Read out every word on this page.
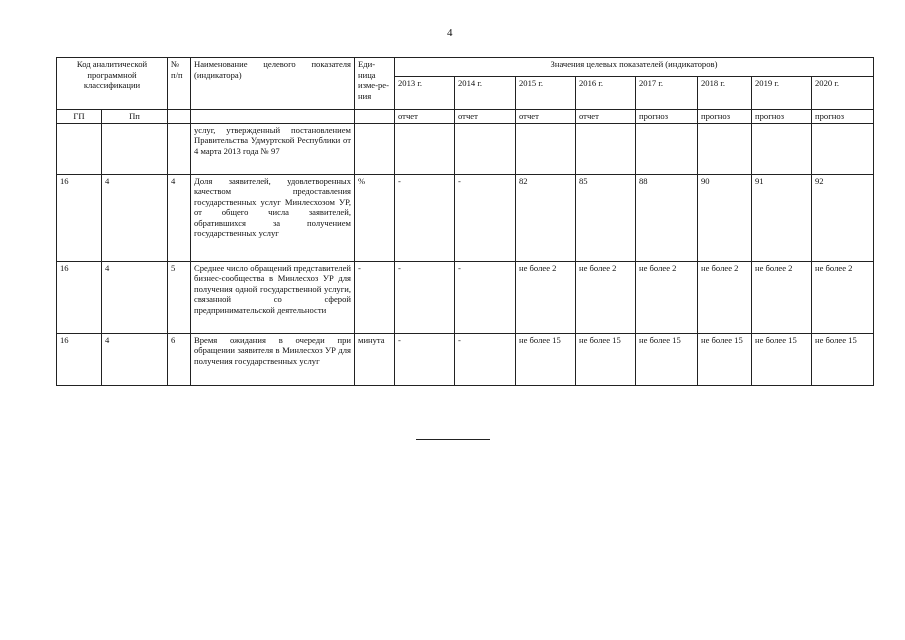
4
Код аналитической программной классификации		№ п/п	Наименование целевого показателя (индикатора)	Еди-ница изме-ре-ния	Значения целевых показателей (индикаторов)							
					2013 г.	2014 г.	2015 г.	2016 г.	2017 г.	2018 г.	2019 г.	2020 г.
ГП	Пп				отчет	отчет	отчет	отчет	прогноз	прогноз	прогноз	прогноз
			услуг, утвержденный постановлением Правительства Удмуртской Республики от 4 марта 2013 года № 97									
16	4	4	Доля заявителей, удовлетворенных качеством предоставления государственных услуг Минлесхозом УР, от общего числа заявителей, обратившихся за получением государственных услуг	%	-	-	82	85	88	90	91	92
16	4	5	Среднее число обращений представителей бизнес-сообщества в Минлесхоз УР для получения одной государственной услуги, связанной со сферой предпринимательской деятельности	-	-	-	не более 2	не более 2	не более 2	не более 2	не более 2	не более 2
16	4	6	Время ожидания в очереди при обращении заявителя в Минлесхоз УР для получения государственных услуг	минута	-	-	не более 15	не более 15	не более 15	не более 15	не более 15	не более 15
